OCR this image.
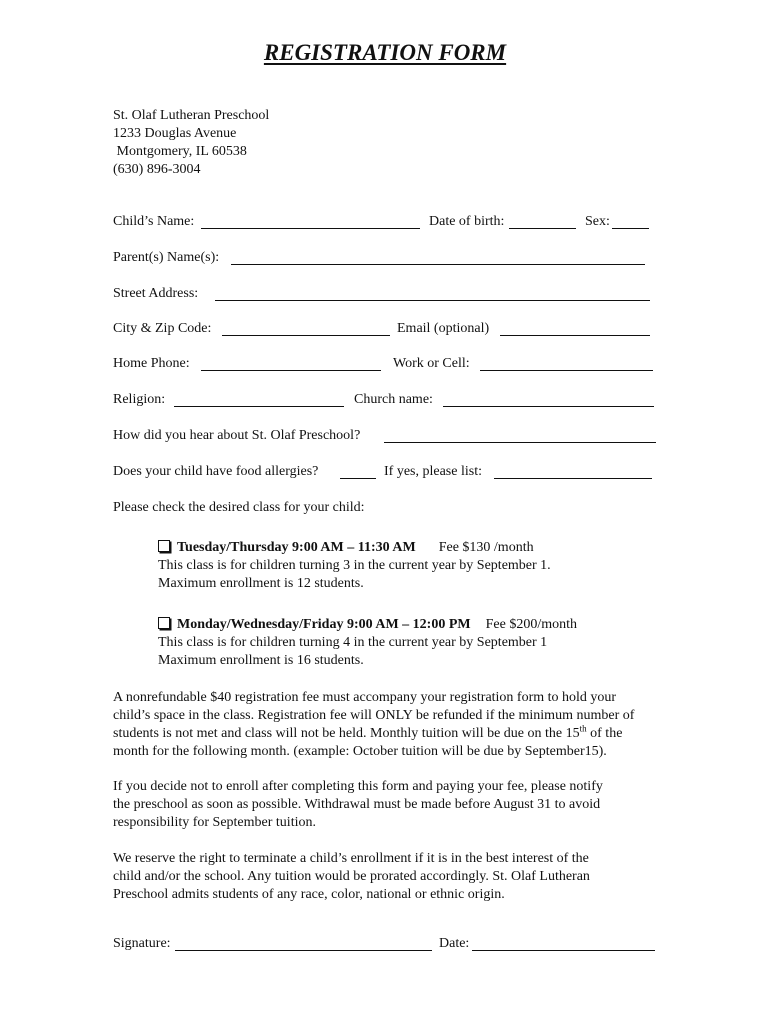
REGISTRATION FORM
St. Olaf Lutheran Preschool
1233 Douglas Avenue
Montgomery, IL 60538
(630) 896-3004
Child’s Name:	Date of birth:	Sex:
Parent(s) Name(s):
Street Address:
City & Zip Code:	Email (optional)
Home Phone:	Work or Cell:
Religion:	Church name:
How did you hear about St. Olaf Preschool?
Does your child have food allergies?	If yes, please list:
Please check the desired class for your child:
Tuesday/Thursday 9:00 AM – 11:30 AM Fee $130 /month
This class is for children turning 3 in the current year by September 1.
Maximum enrollment is 12 students.
Monday/Wednesday/Friday 9:00 AM – 12:00 PM Fee $200/month
This class is for children turning 4 in the current year by September 1
Maximum enrollment is 16 students.
A nonrefundable $40 registration fee must accompany your registration form to hold your
child’s space in the class. Registration fee will ONLY be refunded if the minimum number of
students is not met and class will not be held. Monthly tuition will be due on the 15th of the
month for the following month. (example: October tuition will be due by September15).
If you decide not to enroll after completing this form and paying your fee, please notify
the preschool as soon as possible. Withdrawal must be made before August 31 to avoid
responsibility for September tuition.
We reserve the right to terminate a child’s enrollment if it is in the best interest of the
child and/or the school. Any tuition would be prorated accordingly. St. Olaf Lutheran
Preschool admits students of any race, color, national or ethnic origin.
Signature:	Date:
